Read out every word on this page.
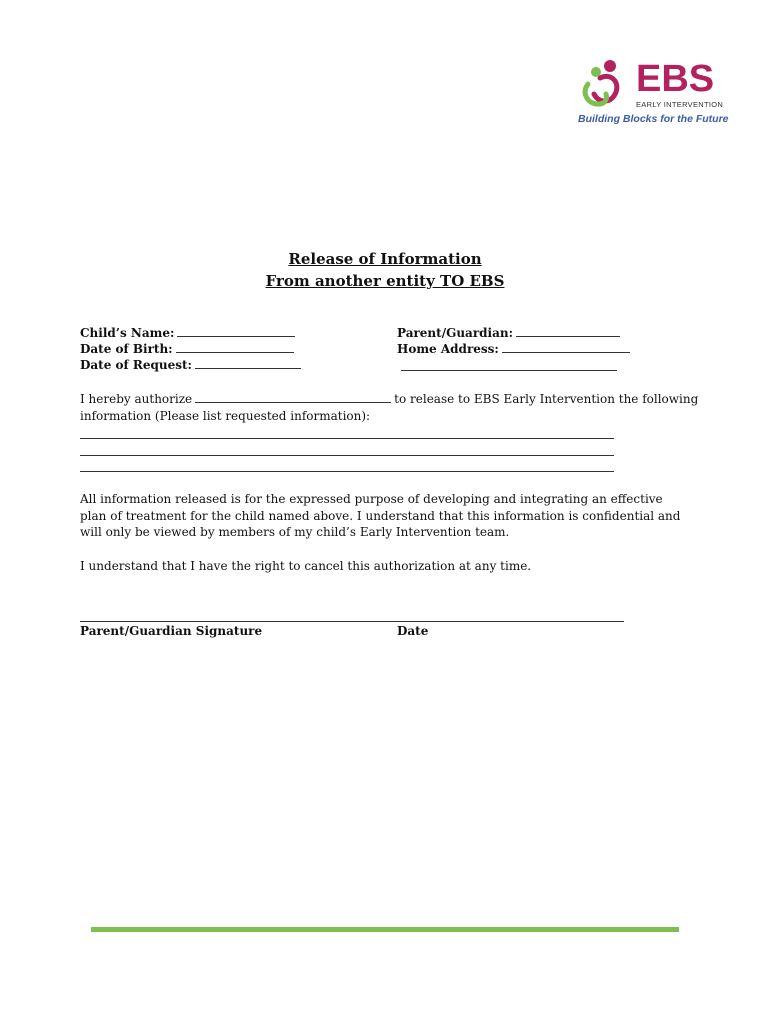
EBS
EARLY INTERVENTION
Building Blocks for the Future
Release of Information
From another entity TO EBS
Child’s Name:
Date of Birth:
Date of Request:
Parent/Guardian:
Home Address:
I hereby authorize	to release to EBS Early Intervention the following information (Please list requested information):
All information released is for the expressed purpose of developing and integrating an effective plan of treatment for the child named above. I understand that this information is confidential and will only be viewed by members of my child’s Early Intervention team.
I understand that I have the right to cancel this authorization at any time.
Parent/Guardian Signature	Date
